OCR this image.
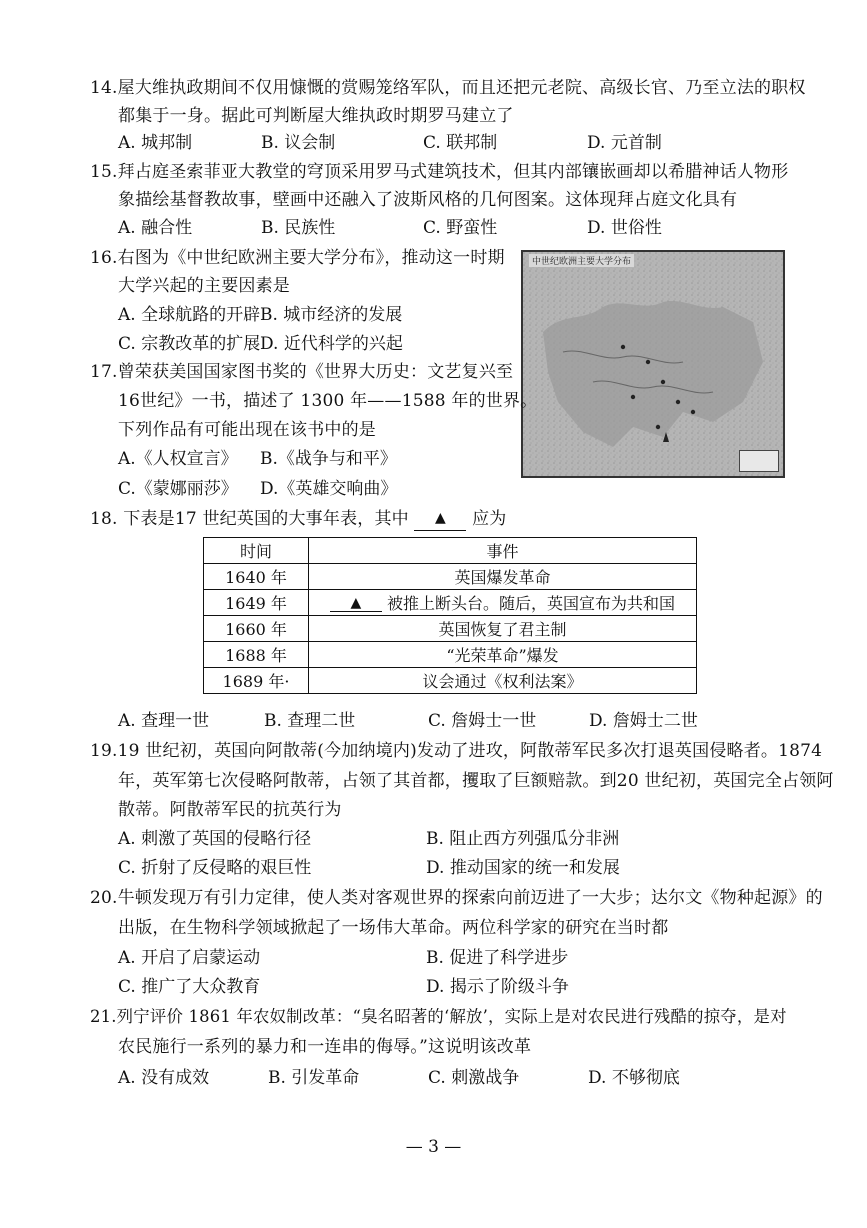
14.屋大维执政期间不仅用慷慨的赏赐笼络军队，而且还把元老院、高级长官、乃至立法的职权
都集于一身。据此可判断屋大维执政时期罗马建立了
A. 城邦制	B. 议会制	C. 联邦制	D. 元首制
15.拜占庭圣索菲亚大教堂的穹顶采用罗马式建筑技术，但其内部镶嵌画却以希腊神话人物形
象描绘基督教故事，壁画中还融入了波斯风格的几何图案。这体现拜占庭文化具有
A. 融合性	B. 民族性	C. 野蛮性	D. 世俗性
16.右图为《中世纪欧洲主要大学分布》，推动这一时期
大学兴起的主要因素是
A. 全球航路的开辟 B. 城市经济的发展
C. 宗教改革的扩展 D. 近代科学的兴起
中世纪欧洲主要大学分布
17.曾荣获美国国家图书奖的《世界大历史：文艺复兴至
16世纪》一书，描述了 1300 年——1588 年的世界。
下列作品有可能出现在该书中的是
A.《人权宣言》 B.《战争与和平》
C.《蒙娜丽莎》 D.《英雄交响曲》
18. 下表是17 世纪英国的大事年表，其中 ▲ 应为
时间	事件
1640 年	英国爆发革命
1649 年	▲ 被推上断头台。随后，英国宣布为共和国
1660 年	英国恢复了君主制
1688 年	“光荣革命”爆发
1689 年·	议会通过《权利法案》
A. 查理一世	B. 查理二世	C. 詹姆士一世	D. 詹姆士二世
19.19 世纪初，英国向阿散蒂(今加纳境内)发动了进攻，阿散蒂军民多次打退英国侵略者。1874
年，英军第七次侵略阿散蒂，占领了其首都，攫取了巨额赔款。到20 世纪初，英国完全占领阿
散蒂。阿散蒂军民的抗英行为
A. 刺激了英国的侵略行径	B. 阻止西方列强瓜分非洲
C. 折射了反侵略的艰巨性	D. 推动国家的统一和发展
20.牛顿发现万有引力定律，使人类对客观世界的探索向前迈进了一大步；达尔文《物种起源》的
出版，在生物科学领域掀起了一场伟大革命。两位科学家的研究在当时都
A. 开启了启蒙运动	B. 促进了科学进步
C. 推广了大众教育	D. 揭示了阶级斗争
21.列宁评价 1861 年农奴制改革：“臭名昭著的‘解放’，实际上是对农民进行残酷的掠夺，是对
农民施行一系列的暴力和一连串的侮辱。”这说明该改革
A. 没有成效	B. 引发革命	C. 刺激战争	D. 不够彻底
— 3 —
